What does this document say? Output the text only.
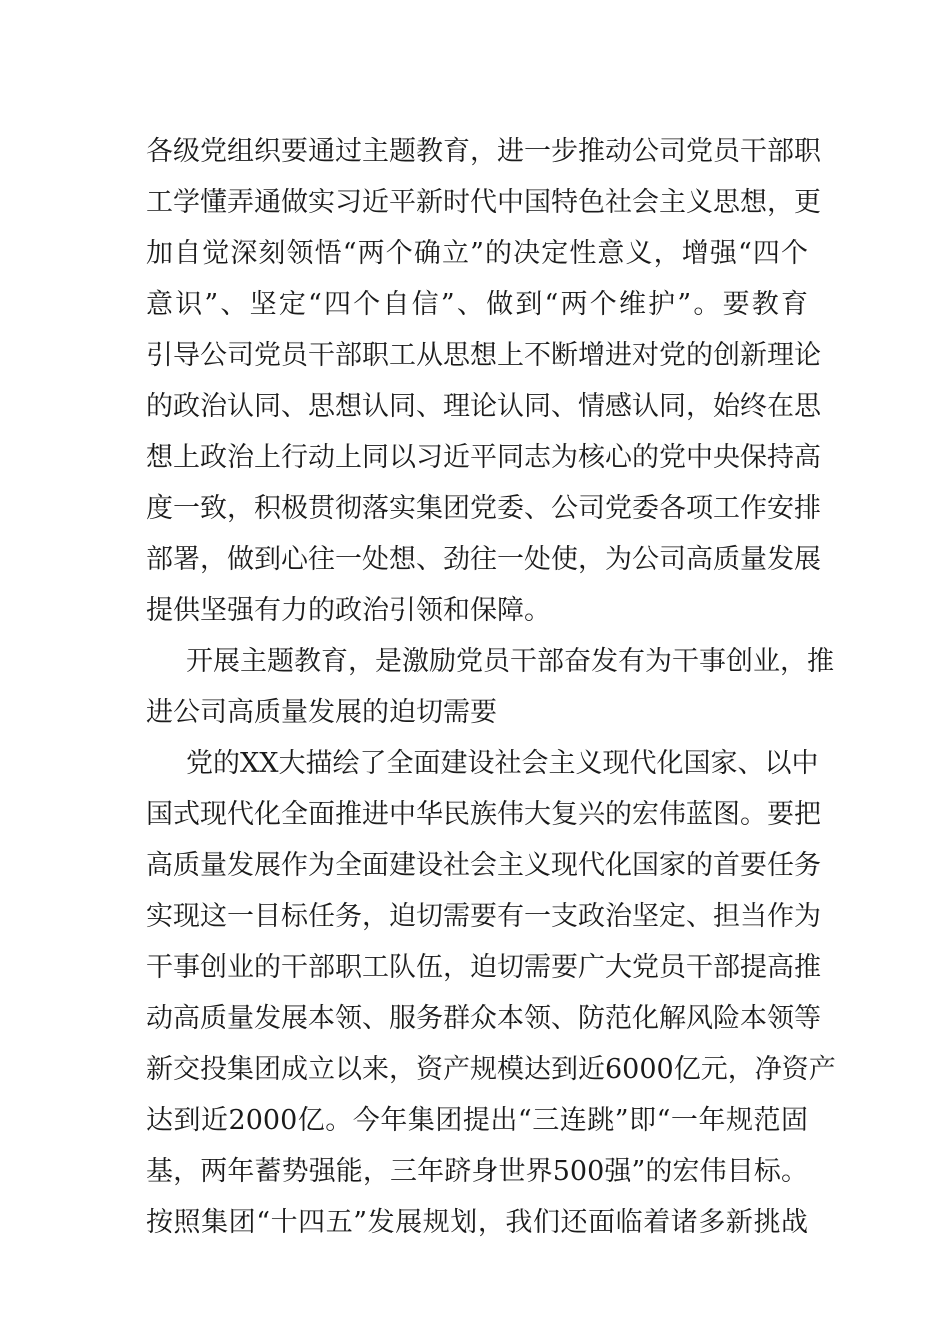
各级党组织要通过主题教育，进一步推动公司党员干部职
工学懂弄通做实习近平新时代中国特色社会主义思想，更
加自觉深刻领悟“两个确立”的决定性意义，增强“四个
意识”、坚定“四个自信”、做到“两个维护”。要教育
引导公司党员干部职工从思想上不断增进对党的创新理论
的政治认同、思想认同、理论认同、情感认同，始终在思
想上政治上行动上同以习近平同志为核心的党中央保持高
度一致，积极贯彻落实集团党委、公司党委各项工作安排
部署，做到心往一处想、劲往一处使，为公司高质量发展
提供坚强有力的政治引领和保障。
开展主题教育，是激励党员干部奋发有为干事创业，推
进公司高质量发展的迫切需要
党的XX大描绘了全面建设社会主义现代化国家、以中
国式现代化全面推进中华民族伟大复兴的宏伟蓝图。要把
高质量发展作为全面建设社会主义现代化国家的首要任务
实现这一目标任务，迫切需要有一支政治坚定、担当作为
干事创业的干部职工队伍，迫切需要广大党员干部提高推
动高质量发展本领、服务群众本领、防范化解风险本领等
新交投集团成立以来，资产规模达到近6000亿元，净资产
达到近2000亿。今年集团提出“三连跳”即“一年规范固
基，两年蓄势强能，三年跻身世界500强”的宏伟目标。
按照集团“十四五”发展规划，我们还面临着诸多新挑战
